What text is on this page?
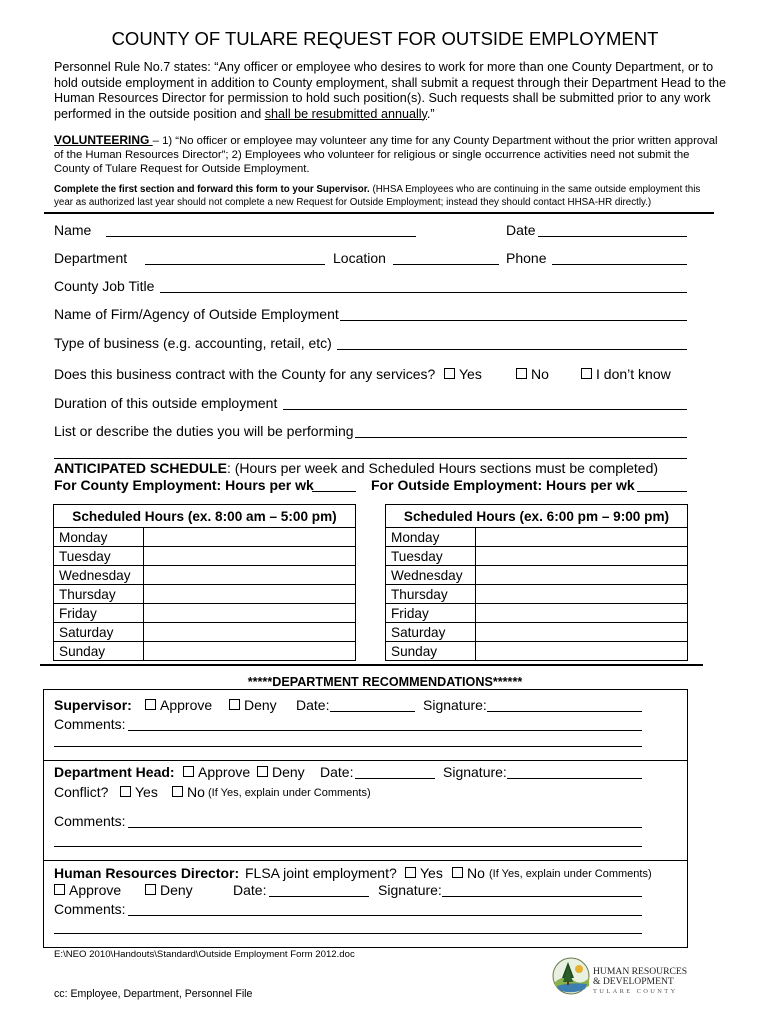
COUNTY OF TULARE REQUEST FOR OUTSIDE EMPLOYMENT
Personnel Rule No.7 states: “Any officer or employee who desires to work for more than one County Department, or to
hold outside employment in addition to County employment, shall submit a request through their Department Head to the
Human Resources Director for permission to hold such position(s). Such requests shall be submitted prior to any work
performed in the outside position and shall be resubmitted annually.”
VOLUNTEERING – 1) “No officer or employee may volunteer any time for any County Department without the prior written approval
of the Human Resources Director”; 2) Employees who volunteer for religious or single occurrence activities need not submit the
County of Tulare Request for Outside Employment.
Complete the first section and forward this form to your Supervisor. (HHSA Employees who are continuing in the same outside employment this
year as authorized last year should not complete a new Request for Outside Employment; instead they should contact HHSA-HR directly.)
Name	Date
Department	Location	Phone
County Job Title
Name of Firm/Agency of Outside Employment
Type of business (e.g. accounting, retail, etc)
Does this business contract with the County for any services?	Yes	No	I don’t know
Duration of this outside employment
List or describe the duties you will be performing
ANTICIPATED SCHEDULE: (Hours per week and Scheduled Hours sections must be completed)
For County Employment: Hours per wk	For Outside Employment: Hours per wk
Scheduled Hours (ex. 8:00 am – 5:00 pm)	
Monday	
Tuesday	
Wednesday	
Thursday	
Friday	
Saturday	
Sunday	
Scheduled Hours (ex. 6:00 pm – 9:00 pm)	
Monday	
Tuesday	
Wednesday	
Thursday	
Friday	
Saturday	
Sunday	
*****DEPARTMENT RECOMMENDATIONS******
Supervisor:	Approve	Deny Date:	Signature:
Comments:
Department Head:	Approve	Deny Date:	Signature:
Conflict?	Yes	No (If Yes, explain under Comments)
Comments:
Human Resources Director: FLSA joint employment?	Yes	No (If Yes, explain under Comments)
Approve	Deny	Date:	Signature:
Comments:
E:\NEO 2010\Handouts\Standard\Outside Employment Form 2012.doc
cc: Employee, Department, Personnel File
HUMAN RESOURCES
& DEVELOPMENT
TULARE COUNTY
